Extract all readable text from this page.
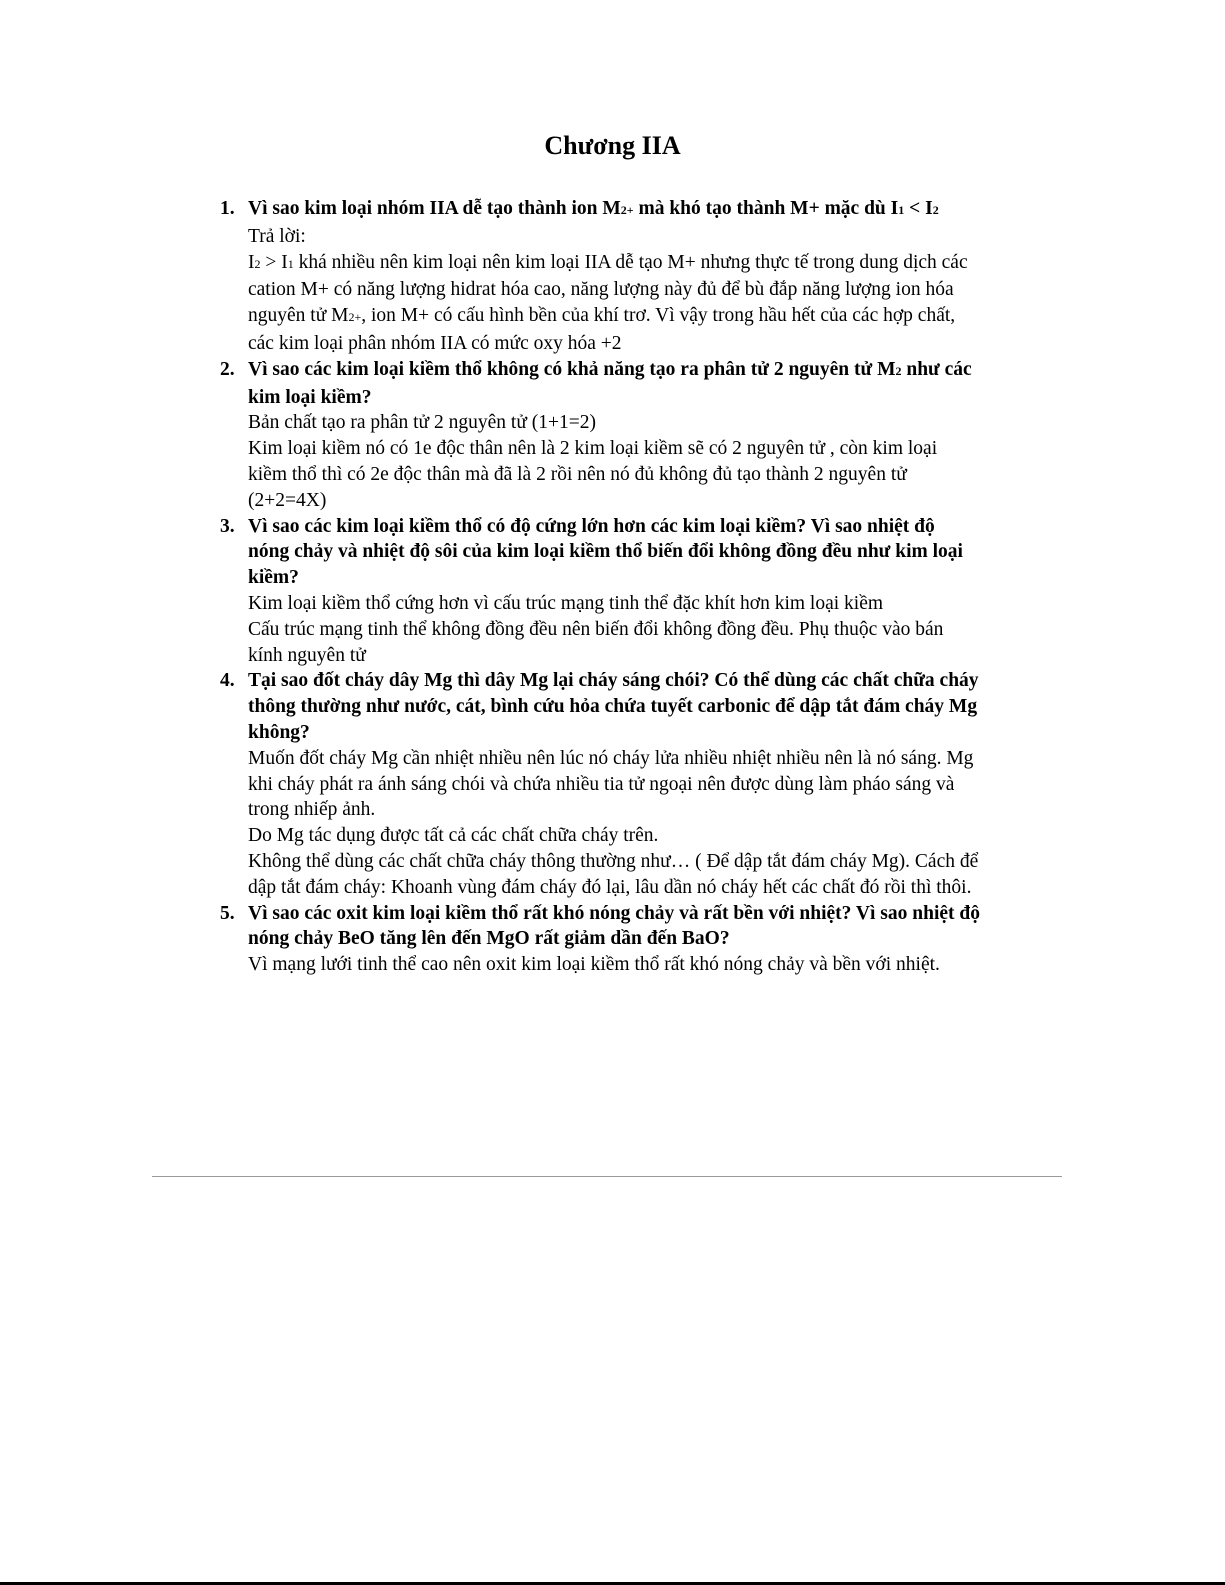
Chương IIA
1. Vì sao kim loại nhóm IIA dễ tạo thành ion M2+ mà khó tạo thành M+ mặc dù I1 < I2

Trả lời:

I2 > I1 khá nhiều nên kim loại nên kim loại IIA dễ tạo M+ nhưng thực tế trong dung dịch các cation M+ có năng lượng hidrat hóa cao, năng lượng này đủ để bù đắp năng lượng ion hóa nguyên tử M2+, ion M+ có cấu hình bền của khí trơ. Vì vậy trong hầu hết của các hợp chất, các kim loại phân nhóm IIA có mức oxy hóa +2

2. Vì sao các kim loại kiềm thổ không có khả năng tạo ra phân tử 2 nguyên tử M2 như các kim loại kiềm?

Bản chất tạo ra phân tử 2 nguyên tử (1+1=2)

Kim loại kiềm nó có 1e độc thân nên là 2 kim loại kiềm sẽ có 2 nguyên tử , còn kim loại kiềm thổ thì có 2e độc thân mà đã là 2 rồi nên nó đủ không đủ tạo thành 2 nguyên tử (2+2=4X)

3. Vì sao các kim loại kiềm thổ có độ cứng lớn hơn các kim loại kiềm? Vì sao nhiệt độ nóng chảy và nhiệt độ sôi của kim loại kiềm thổ biến đổi không đồng đều như kim loại kiềm?

Kim loại kiềm thổ cứng hơn vì cấu trúc mạng tinh thể đặc khít hơn kim loại kiềm

Cấu trúc mạng tinh thể không đồng đều nên biến đổi không đồng đều. Phụ thuộc vào bán kính nguyên tử

4. Tại sao đốt cháy dây Mg thì dây Mg lại cháy sáng chói? Có thể dùng các chất chữa cháy thông thường như nước, cát, bình cứu hỏa chứa tuyết carbonic để dập tắt đám cháy Mg không?

Muốn đốt cháy Mg cần nhiệt nhiều nên lúc nó cháy lửa nhiều nhiệt nhiều nên là nó sáng. Mg khi cháy phát ra ánh sáng chói và chứa nhiều tia tử ngoại nên được dùng làm pháo sáng và trong nhiếp ảnh.

Do Mg tác dụng được tất cả các chất chữa cháy trên.

Không thể dùng các chất chữa cháy thông thường như… ( Để dập tắt đám cháy Mg). Cách để dập tắt đám cháy: Khoanh vùng đám cháy đó lại, lâu dần nó cháy hết các chất đó rồi thì thôi.

5. Vì sao các oxit kim loại kiềm thổ rất khó nóng chảy và rất bền với nhiệt? Vì sao nhiệt độ nóng chảy BeO tăng lên đến MgO rất giảm dần đến BaO?

Vì mạng lưới tinh thể cao nên oxit kim loại kiềm thổ rất khó nóng chảy và bền với nhiệt.
